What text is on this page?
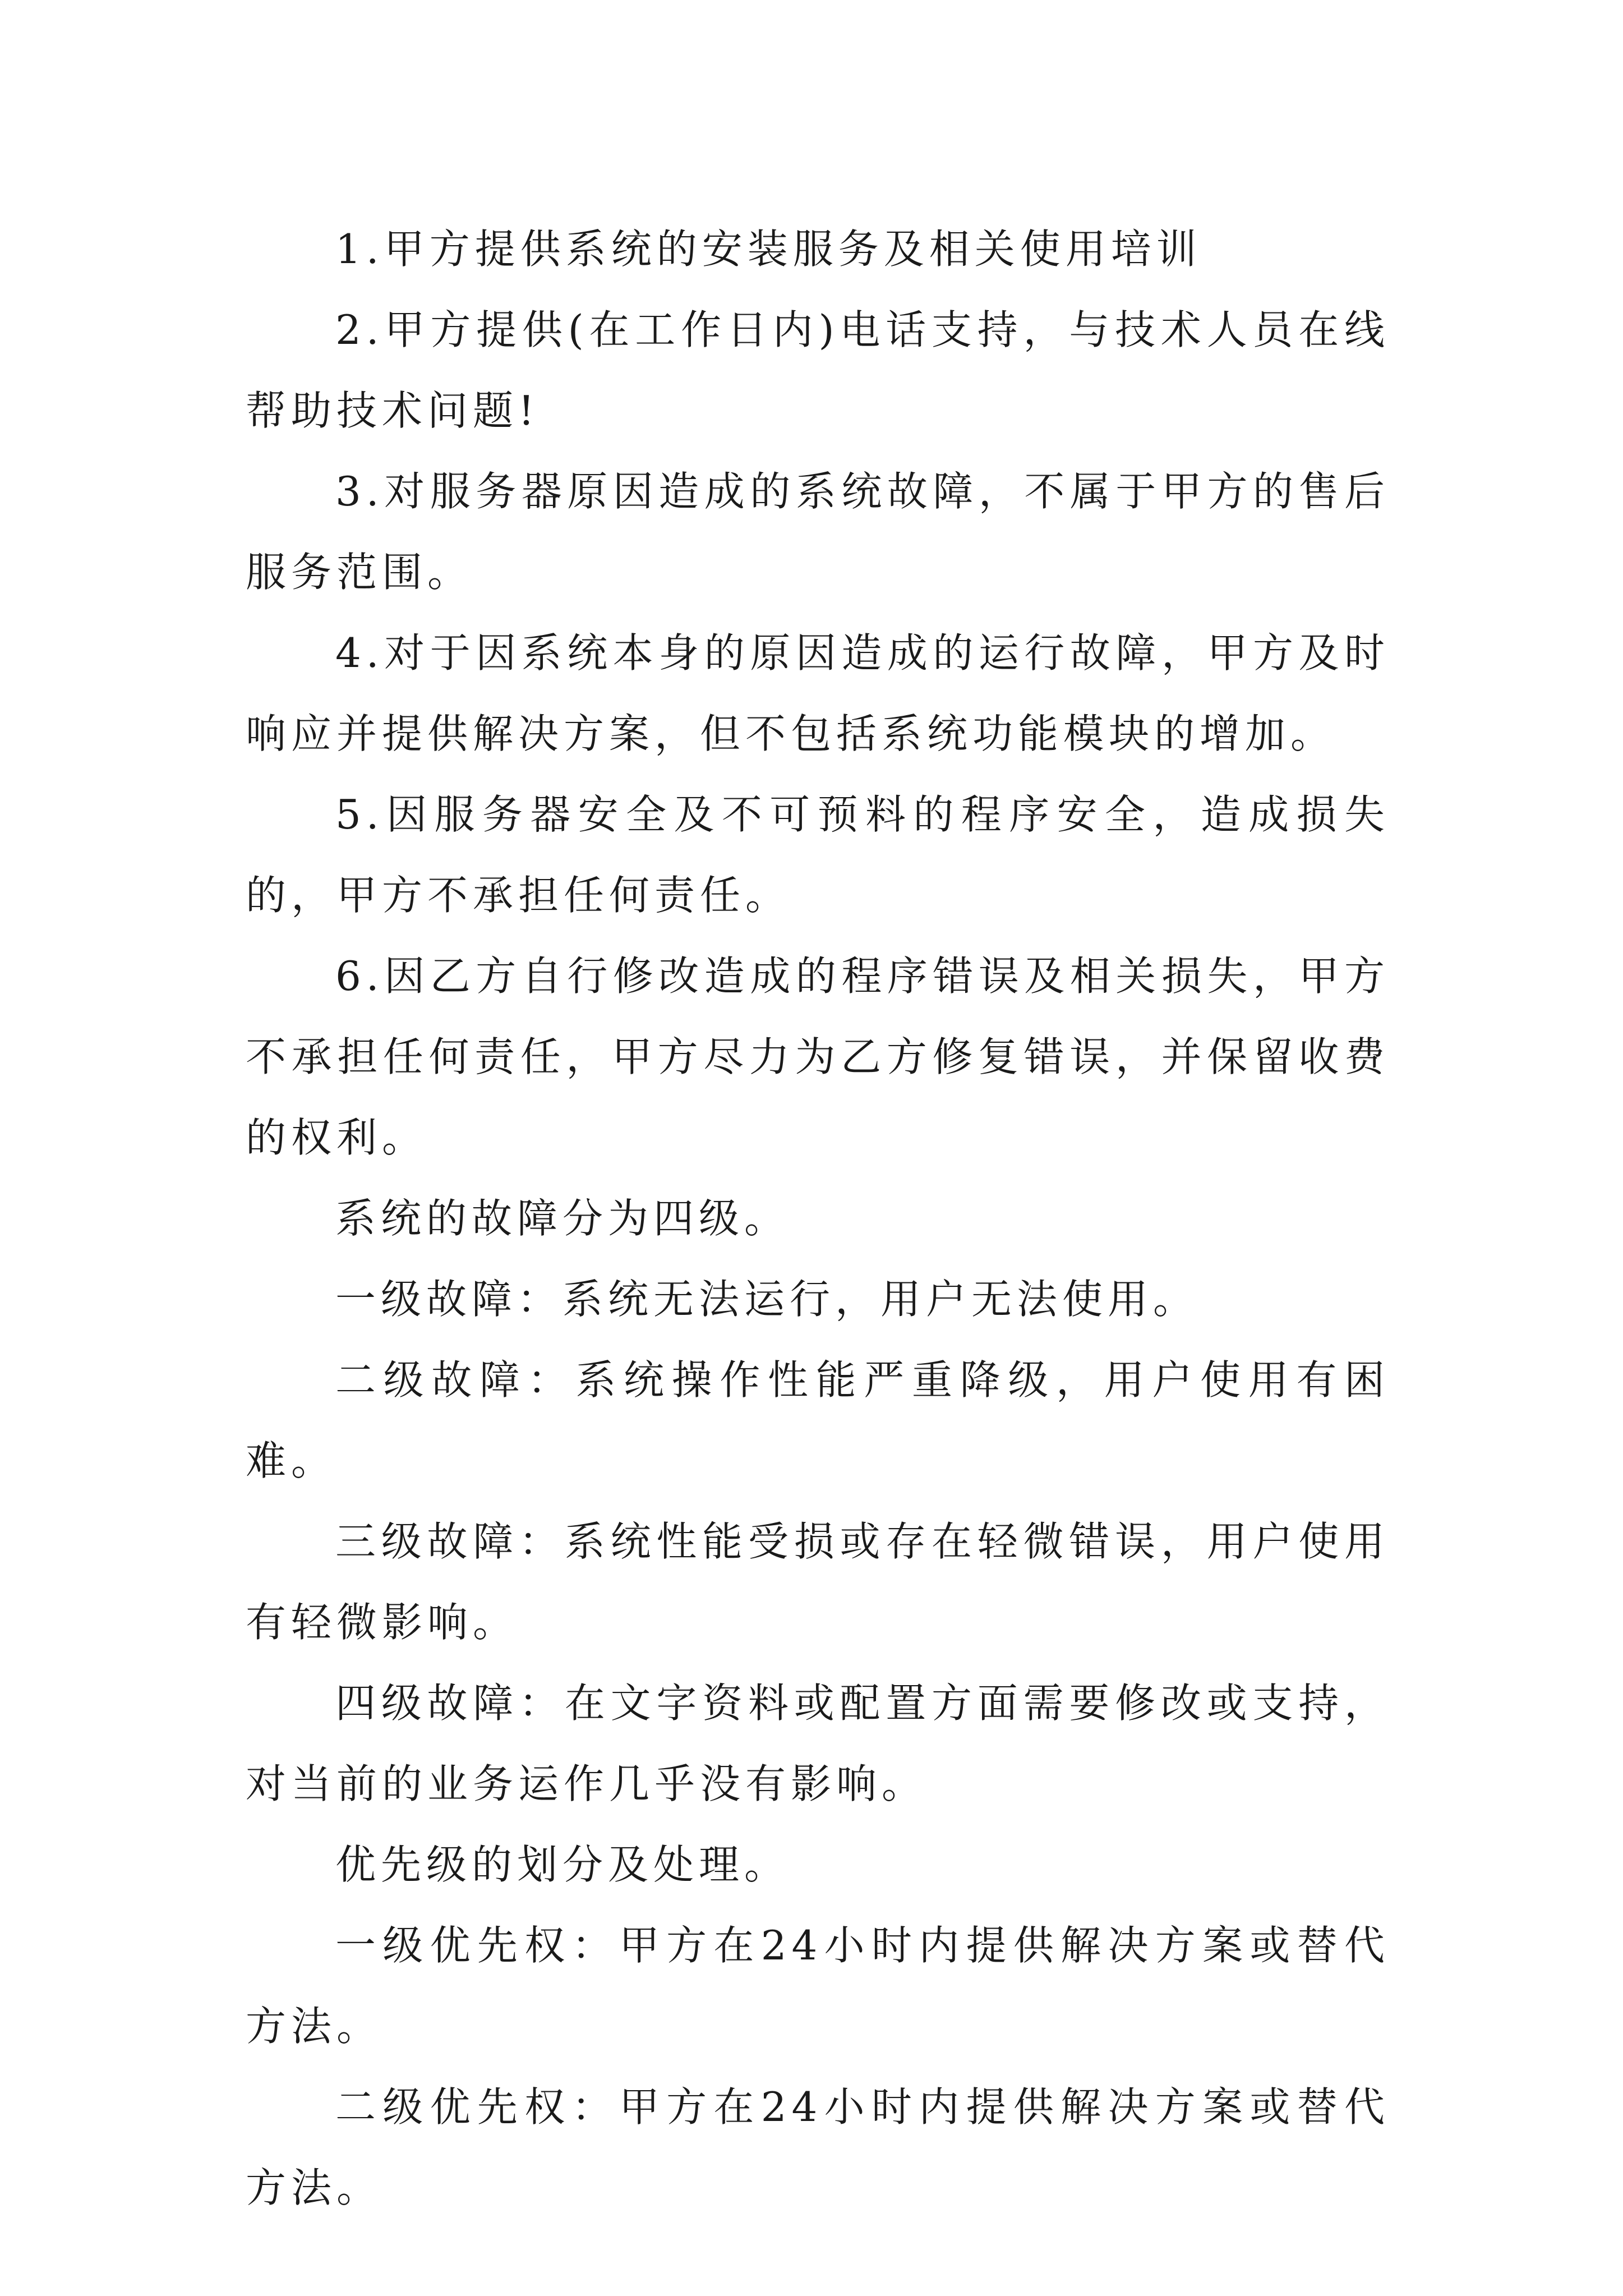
1.甲方提供系统的安装服务及相关使用培训

2.甲方提供(在工作日内)电话支持，与技术人员在线帮助技术问题!

3.对服务器原因造成的系统故障，不属于甲方的售后服务范围。

4.对于因系统本身的原因造成的运行故障，甲方及时响应并提供解决方案，但不包括系统功能模块的增加。

5.因服务器安全及不可预料的程序安全，造成损失的，甲方不承担任何责任。

6.因乙方自行修改造成的程序错误及相关损失，甲方不承担任何责任，甲方尽力为乙方修复错误，并保留收费的权利。

系统的故障分为四级。

一级故障：系统无法运行，用户无法使用。

二级故障：系统操作性能严重降级，用户使用有困难。

三级故障：系统性能受损或存在轻微错误，用户使用有轻微影响。

四级故障：在文字资料或配置方面需要修改或支持，对当前的业务运作几乎没有影响。

优先级的划分及处理。

一级优先权：甲方在24小时内提供解决方案或替代方法。

二级优先权：甲方在24小时内提供解决方案或替代方法。
